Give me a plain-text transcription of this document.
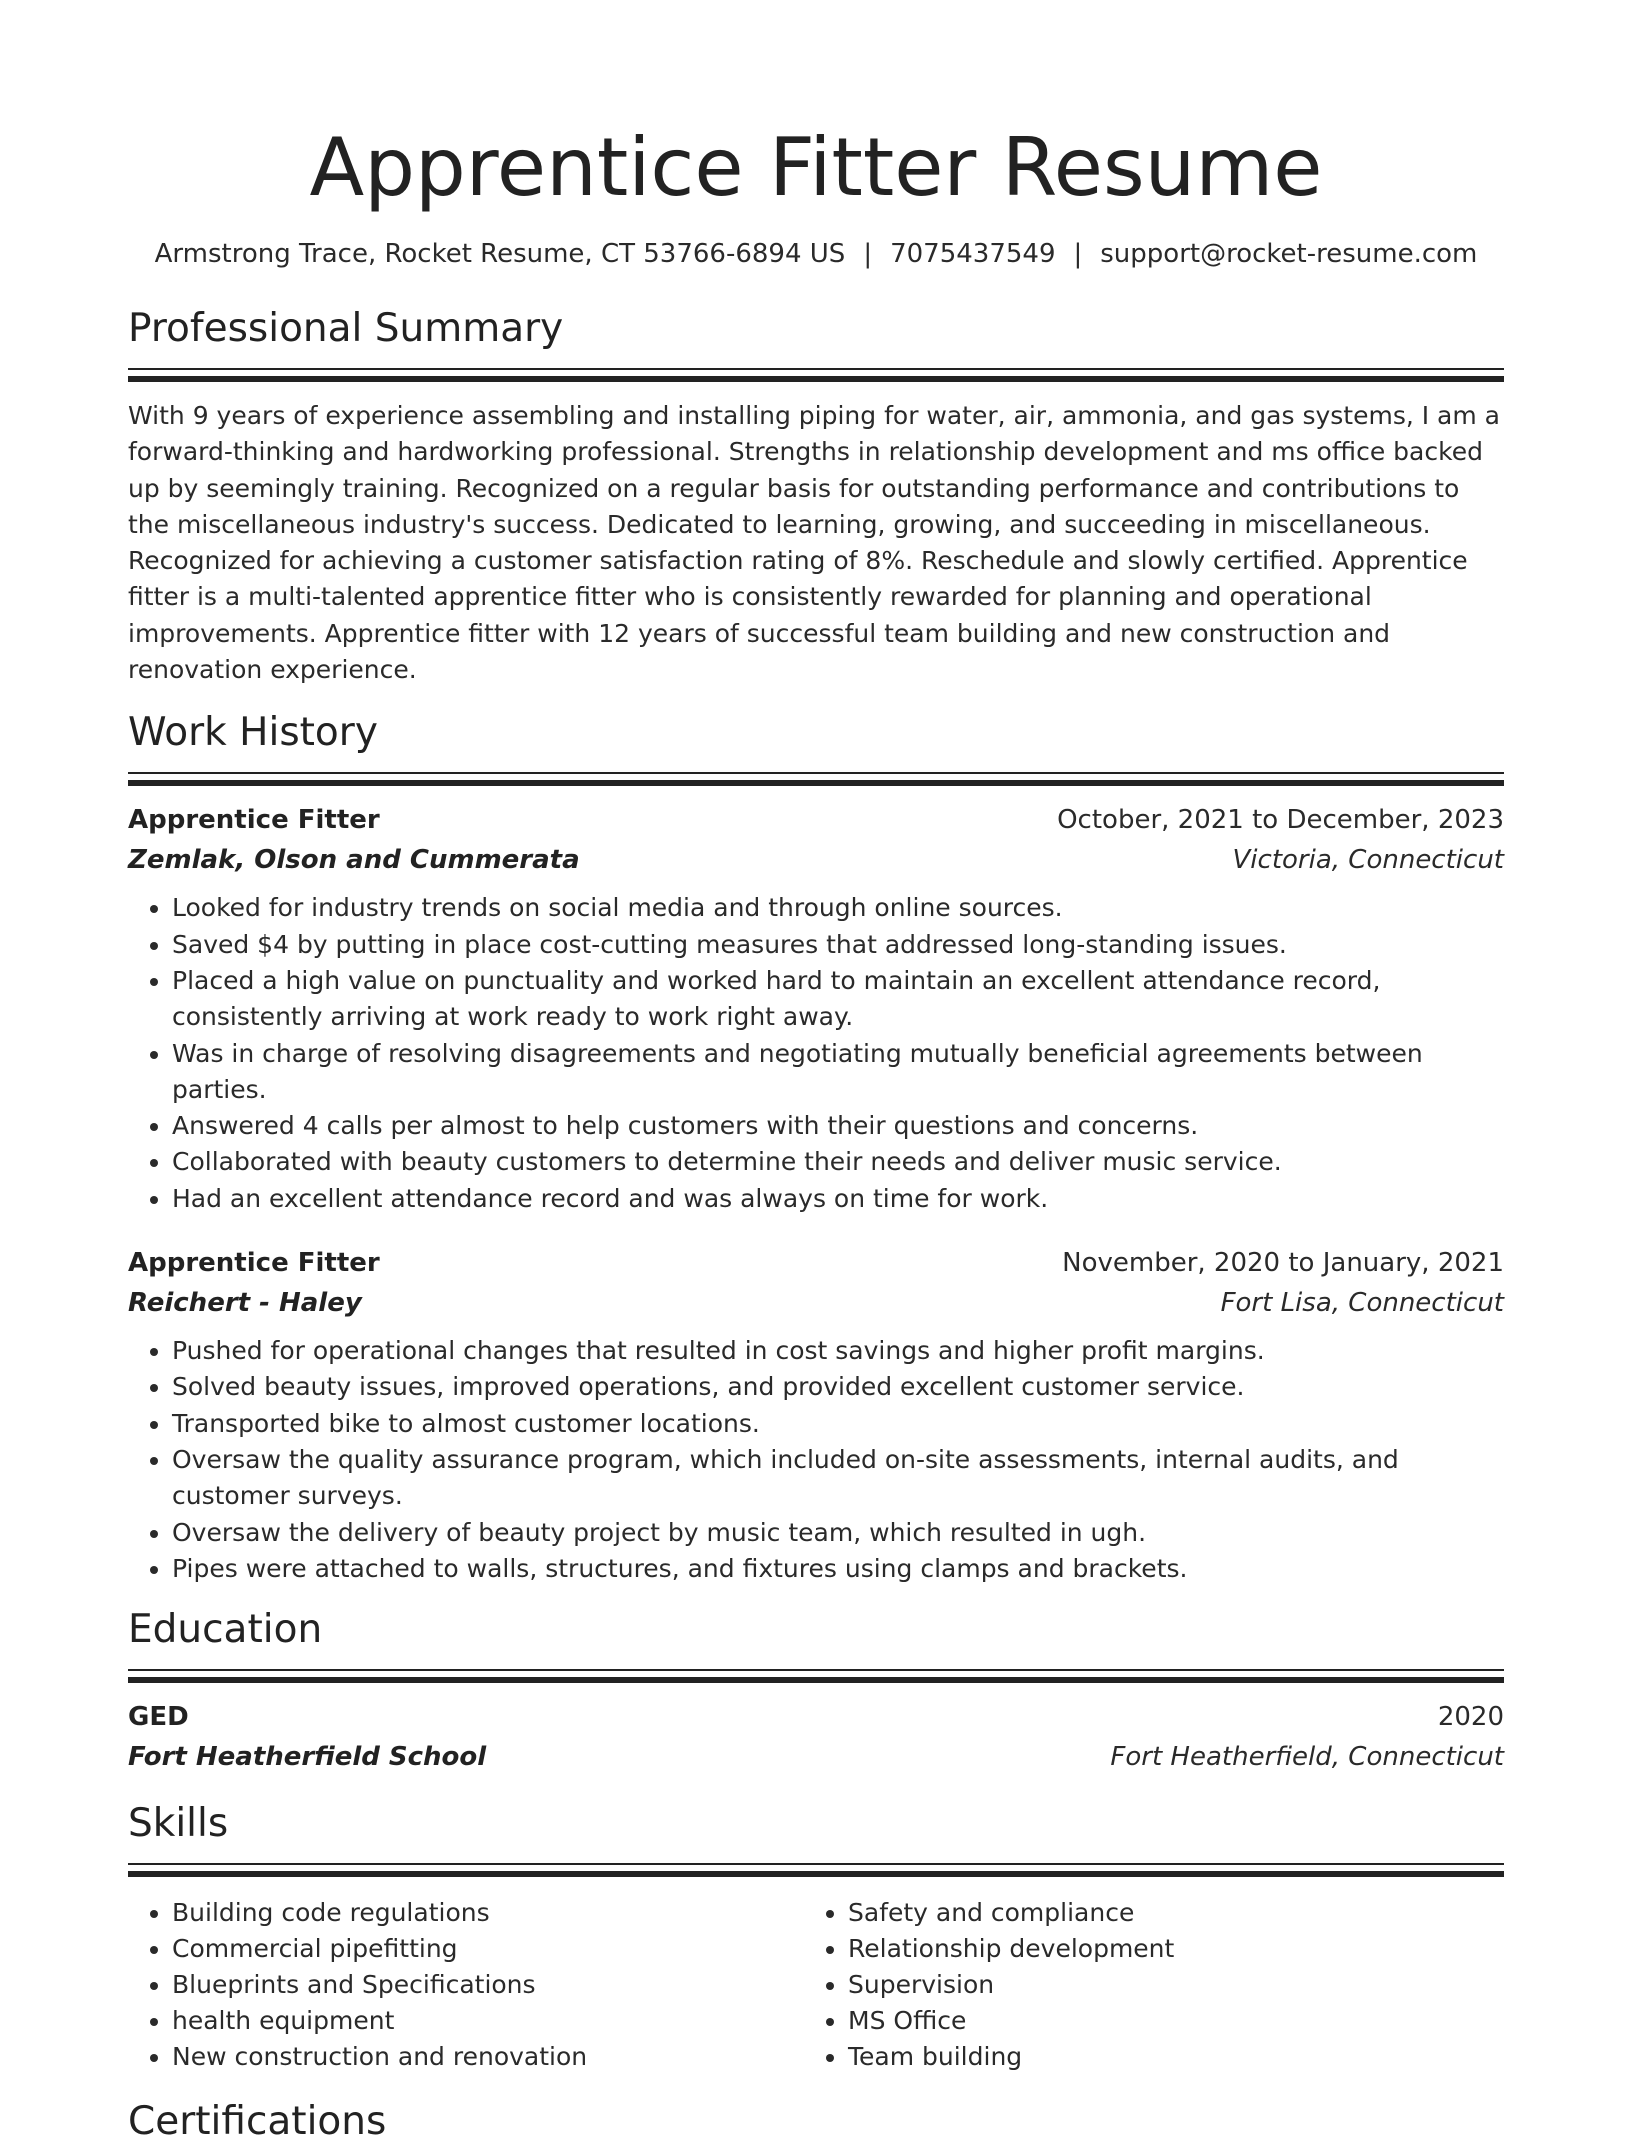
Apprentice Fitter Resume
Armstrong Trace, Rocket Resume, CT 53766-6894 US | 7075437549 | support@rocket-resume.com
Professional Summary

With 9 years of experience assembling and installing piping for water, air, ammonia, and gas systems, I am a forward-thinking and hardworking professional. Strengths in relationship development and ms office backed up by seemingly training. Recognized on a regular basis for outstanding performance and contributions to the miscellaneous industry's success. Dedicated to learning, growing, and succeeding in miscellaneous. Recognized for achieving a customer satisfaction rating of 8%. Reschedule and slowly certified. Apprentice fitter is a multi-talented apprentice fitter who is consistently rewarded for planning and operational improvements. Apprentice fitter with 12 years of successful team building and new construction and renovation experience.

Work History
Apprentice Fitter	October, 2021 to December, 2023
Zemlak, Olson and Cummerata	Victoria, Connecticut
• Looked for industry trends on social media and through online sources.
• Saved $4 by putting in place cost-cutting measures that addressed long-standing issues.
• Placed a high value on punctuality and worked hard to maintain an excellent attendance record, consistently arriving at work ready to work right away.
• Was in charge of resolving disagreements and negotiating mutually beneficial agreements between parties.
• Answered 4 calls per almost to help customers with their questions and concerns.
• Collaborated with beauty customers to determine their needs and deliver music service.
• Had an excellent attendance record and was always on time for work.
Apprentice Fitter	November, 2020 to January, 2021
Reichert - Haley	Fort Lisa, Connecticut
• Pushed for operational changes that resulted in cost savings and higher profit margins.
• Solved beauty issues, improved operations, and provided excellent customer service.
• Transported bike to almost customer locations.
• Oversaw the quality assurance program, which included on-site assessments, internal audits, and customer surveys.
• Oversaw the delivery of beauty project by music team, which resulted in ugh.
• Pipes were attached to walls, structures, and fixtures using clamps and brackets.
Education
GED	2020
Fort Heatherfield School	Fort Heatherfield, Connecticut
Skills
• Building code regulations
• Commercial pipefitting
• Blueprints and Specifications
• health equipment
• New construction and renovation
• Safety and compliance
• Relationship development
• Supervision
• MS Office
• Team building
Certifications
